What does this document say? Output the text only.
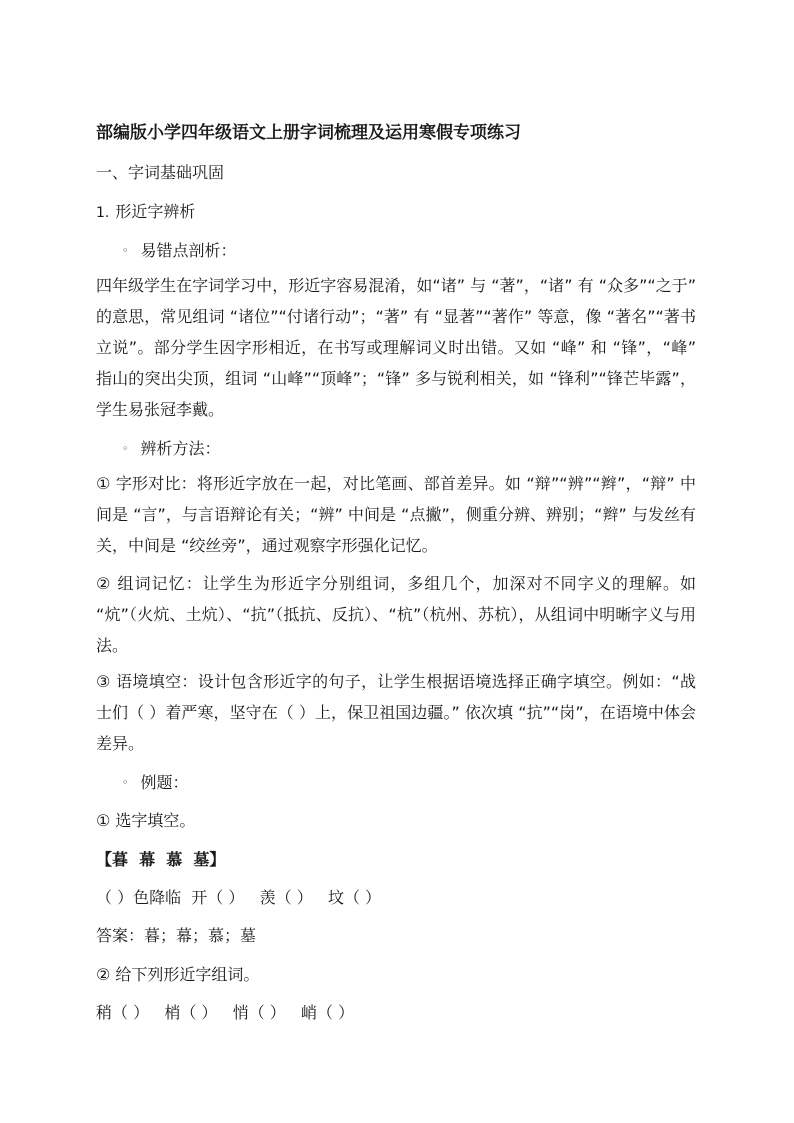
部编版小学四年级语文上册字词梳理及运用寒假专项练习
一、字词基础巩固
1. 形近字辨析
◦ 易错点剖析：
四年级学生在字词学习中，形近字容易混淆，如“诸” 与 “著”，“诸” 有 “众多”“之于” 的意思，常见组词 “诸位”“付诸行动”；“著” 有 “显著”“著作” 等意，像 “著名”“著书立说”。部分学生因字形相近，在书写或理解词义时出错。又如 “峰” 和 “锋”，“峰” 指山的突出尖顶，组词 “山峰”“顶峰”；“锋” 多与锐利相关，如 “锋利”“锋芒毕露”，学生易张冠李戴。
◦ 辨析方法：
① 字形对比：将形近字放在一起，对比笔画、部首差异。如 “辩”“辨”“辫”，“辩” 中间是 “言”，与言语辩论有关；“辨” 中间是 “点撇”，侧重分辨、辨别；“辫” 与发丝有关，中间是 “绞丝旁”，通过观察字形强化记忆。
② 组词记忆：让学生为形近字分别组词，多组几个，加深对不同字义的理解。如 “炕”（火炕、土炕）、“抗”（抵抗、反抗）、“杭”（杭州、苏杭），从组词中明晰字义与用法。
③ 语境填空：设计包含形近字的句子，让学生根据语境选择正确字填空。例如：“战士们（ ）着严寒，坚守在（ ）上，保卫祖国边疆。” 依次填 “抗”“岗”，在语境中体会差异。
◦ 例题：
① 选字填空。
【暮  幕  慕  墓】
（ ）色降临  开（ ）   羡（ ）   坟（ ）
答案：暮；幕；慕；墓
② 给下列形近字组词。
稍（ ）   梢（ ）   悄（ ）   峭（ ）
